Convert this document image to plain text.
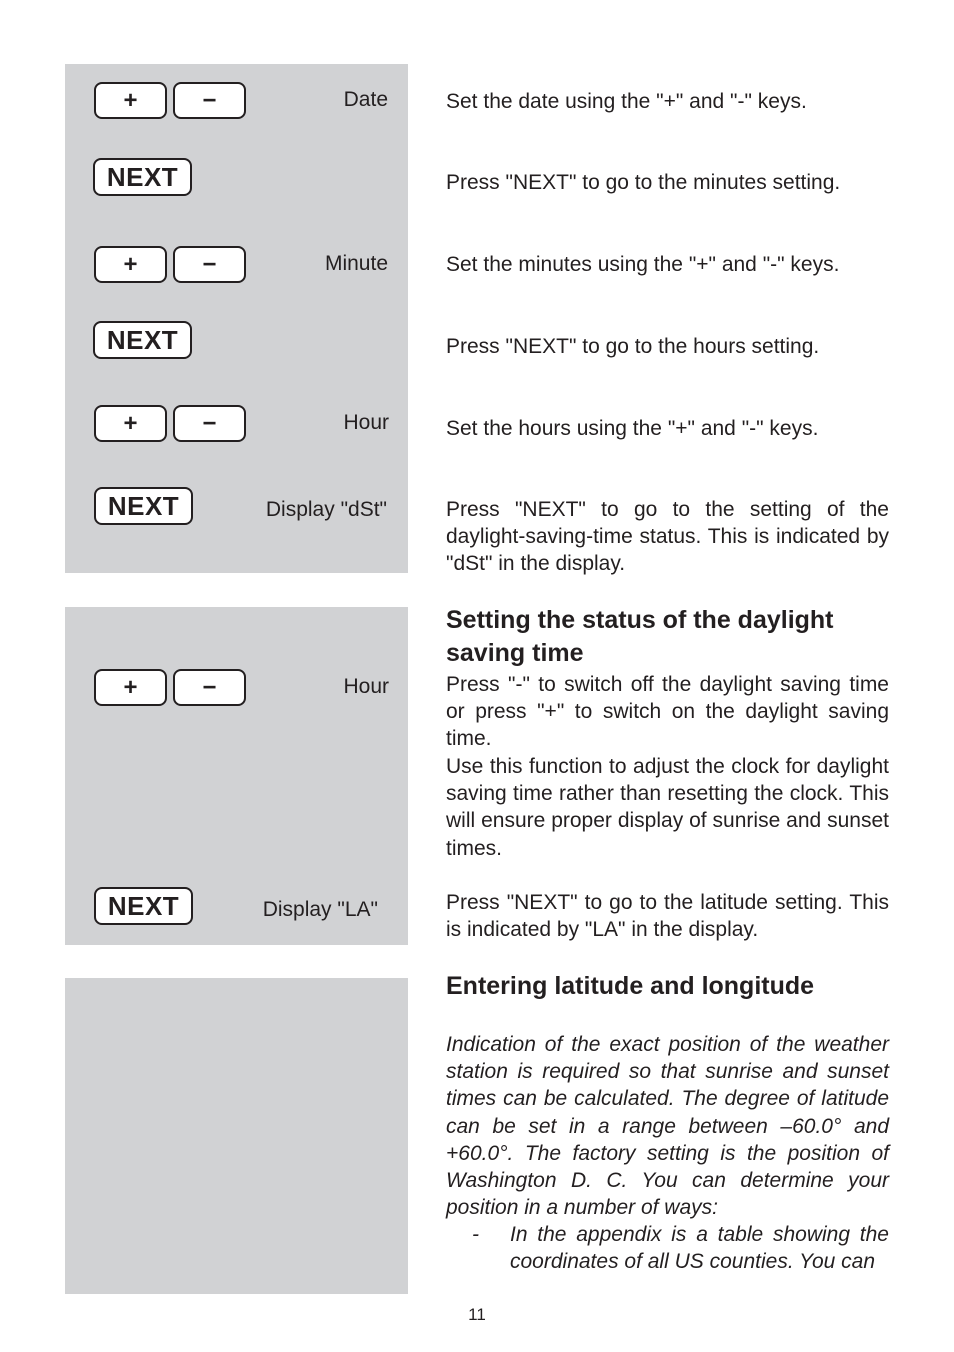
+	−	Date
NEXT
+	−	Minute
NEXT
+	−	Hour
NEXT	Display "dSt"
+	−	Hour
NEXT	Display "LA"

Set the date using the "+" and "-" keys.

Press "NEXT" to go to the minutes setting.

Set the minutes using the "+" and "-" keys.

Press "NEXT" to go to the hours setting.

Set the hours using the "+" and "-" keys.

Press "NEXT" to go to the setting of the daylight-saving-time status. This is indicated by "dSt" in the display.

Setting the status of the daylight saving time

Press "-" to switch off the daylight saving time or press "+" to switch on the daylight saving time.

Use this function to adjust the clock for daylight saving time rather than resetting the clock. This will ensure proper display of sunrise and sunset times.

Press "NEXT" to go to the latitude setting. This is indicated by "LA" in the display.

Entering latitude and longitude

Indication of the exact position of the weather station is required so that sunrise and sunset times can be calculated. The degree of latitude can be set in a range between –60.0° and +60.0°. The factory setting is the position of Washington D. C. You can determine your position in a number of ways:

- In the appendix is a table showing the coordinates of all US counties. You can

11
